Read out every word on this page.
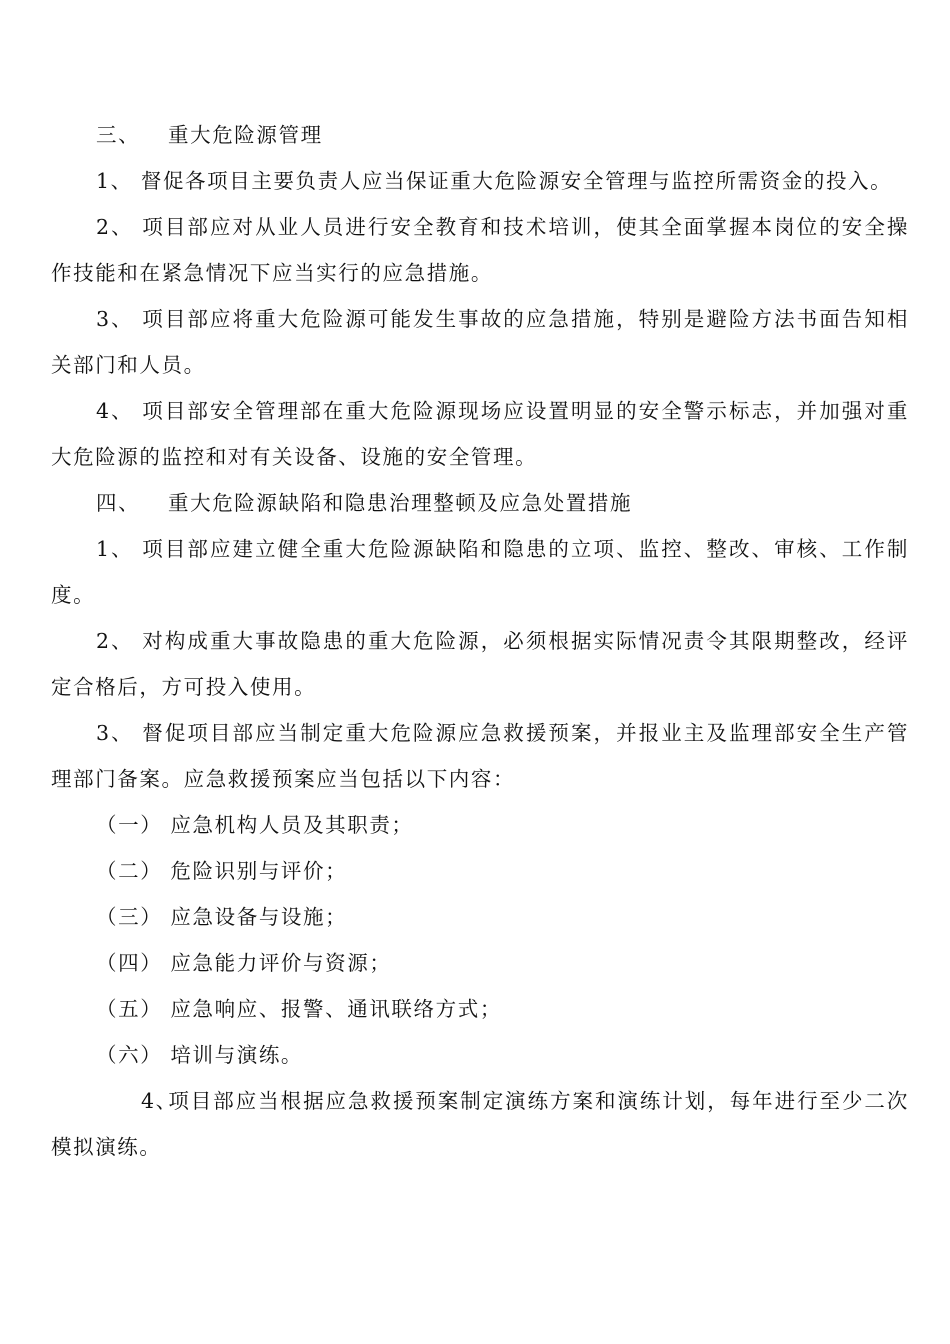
三、 重大危险源管理

1、 督促各项目主要负责人应当保证重大危险源安全管理与监控所需资金的投入。

2、 项目部应对从业人员进行安全教育和技术培训，使其全面掌握本岗位的安全操作技能和在紧急情况下应当实行的应急措施。

3、 项目部应将重大危险源可能发生事故的应急措施，特别是避险方法书面告知相关部门和人员。

4、 项目部安全管理部在重大危险源现场应设置明显的安全警示标志，并加强对重大危险源的监控和对有关设备、设施的安全管理。

四、 重大危险源缺陷和隐患治理整顿及应急处置措施

1、 项目部应建立健全重大危险源缺陷和隐患的立项、监控、整改、审核、工作制度。

2、 对构成重大事故隐患的重大危险源，必须根据实际情况责令其限期整改，经评定合格后，方可投入使用。

3、 督促项目部应当制定重大危险源应急救援预案，并报业主及监理部安全生产管理部门备案。应急救援预案应当包括以下内容：

（一） 应急机构人员及其职责；

（二） 危险识别与评价；

（三） 应急设备与设施；

（四） 应急能力评价与资源；

（五） 应急响应、报警、通讯联络方式；

（六） 培训与演练。

4、项目部应当根据应急救援预案制定演练方案和演练计划，每年进行至少二次模拟演练。
